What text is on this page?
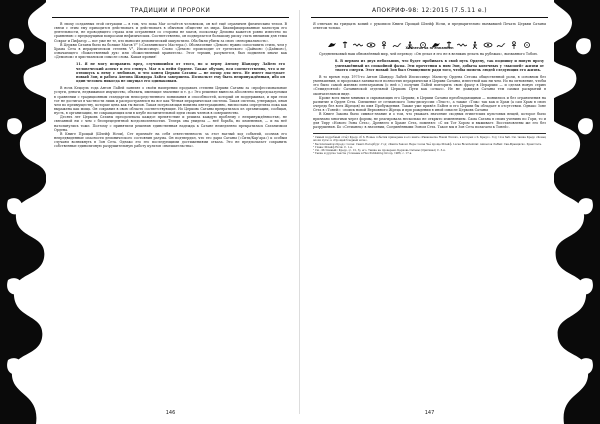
ТРАДИЦИИ И ПРОРОКИ

В эпоху созданных этой ситуации — в том, что пока Маг остаётся человеком, он всё ещё ограничен физическим телом. В связи с этим ему приходится действовать и действовать в обычном обществе из мира. Квалифицированные магистры его деятельности, не проводящего страха или остранения со стороны не магов, поскольку Демоны кажется ровно известно по сравнению с предыдущими вопросами нефизических. Соответственно, он подвергается большому риску стать внешним для темы Сократ и Пифагор — вот уже не те, кто выносил демонический оккультизм. Оба были убиты за свою «ненормальность».

В Церкви Сатаны было на больше Магов V° («Сатанинского Мастера»). Обозначение «Демон» нужно сопоставить стиль, чем у Храма Сета в иерархическом степень V°, Ипсиссимус. Слово «Демон» происходит от греческого «Даймон» («Даймон»), означающего «божественный дух» или «божественный хранитель». Этот термин, разумеется, был подменен иначе как «Демоном» в христианском смысле слова. Какая ирония!

11. Я не могу исправить вред, случившийся от этого, но я верну Антону Шандору ЛаВею его человеческий аспект и его стимул. Маг в к нейм Ордене. Также обучаю, вся соответственно, что я не отношусь к нему с любовью, и что конец Церкви Сатаны — не позор для него. Не имеет наступает новый Зон, и работа Антона Шандора ЛаВея завершена. Позвольте ему быть непринуждённым, ибо он один человек никогда не ощущал его одинаковым.

В ночь Кецоуль года Антон ЛаВей заявлял о своём намерении продавать степени Церкви Сатаны за «профессиональные услуги, деньги, недвижимое имущество, объекты, имеющие значение и т. д.» Это решение вынесла абсолютно непредсказуемым в сравнении с традиционным стандартом непосредственного понимания и способностей, который он поддерживал, и при этом тот не достигал в частности лишь и распространялся на все как Чётная иерархическая система. Такая система, утверждал, иная чем по преимуществу, которые цена как ты вызов. Такая потрясающая новизна интеграционно, ниспослана определяла пока как выражена как мощь. Он сохранил в свою область соответствующие. Но Церковь Сатаны превратилась из организации, сообщая, пусть, в организации, не сокращающих или в клубе восхитительной идеи своих членов в совершенство.

Десять лет Церковь Сатаны преодолевала каждое препятствие и решила каждую проблему с непринуждённостью, не связанной ни с чем с беспрецедентной вседозволенностью. Теперь она увидела — неё борьба, но изменения, — и на неё натолкнулись тоже. Поэтому с принятием решения единственная надежда к Сатане немедленно прекратилась Сатанизмом Ордена.

В Книге Прощай (Шлейф Ночи), Сет признаёт на себя ответственность за этот наглый ход событий, осознав его непредвиденные опасности демонического состояния разума. Он подтвердил, что его дары Сатаны («Сити/Кар'ара») к особым случаям возникнуть в Зон Сета. Однако это его последующими достижениями отказа. Это не предполагает сохранить собственные единоличную разрушительную работу культов «вмешательства».

146
АПОКРИФ-98: 12:2015 (7.5.11 e.)

Я отвечаю на тридцать копий с рукописи Книги Прощай Шлейф Ночи, и предварительно вызвавшей Печать Церкви Сатаны ответом только.

Xutherus sa nFennamten

Средневековый наш обновлённый мир, чей перевод: «Он делал я его не в великих делать на рубежах», вызванного Тобою.

8. В первом из двух небольших, что будет пробивать в свой путь Ордену, так подпишу и новую прозу уменьшённый из спокойной фазы. Эти прочтения к ним Эон, добыча конечных у «высшей» жизни от твоего смерти. Этот новый Зон был Очищением ради того, чтобы помочь людей следующих его жизнь.

В то время года 1975-го Антон Шандор ЛаВей Ипсиссимус Магистр Ордена Сетома общественной роли, в основном без уменьшения, и продолжал заниматься полностью иерархически в Церкви Сатаны, известной как ни чем. Но на мгновение, чтобы это было самой жизнью пентаграммы (о ней с.) получив ЛаВей повторить свою фразу в Иерархии — и сделав новую серию «Семидесятой» Сатанинской отдельной Церковь Пути как «отказ». Не не дожидая Сатаны тем самым раскрытий в окончательном виде.

Кроме всех ныне мнимых и скрывающих его Церкви, в Церкви Сатаны преобладающими — появились и без ограничения на развитие и Орден Сета. Смешение от сетианского Зона-дискуссии «Текст», а также «Тэж» так как и Храм (а сам Храм в свою очередь без всех Жрецов) во имя Пробуждения. Также уже привёл ЛаВея и его Церкви бы обладает в отсутствии. Однако Зоне Сета в «Тоней»: «поиск новой Верховного Жреца и при рождении в иной смысле Церковь Сатаны

В Книге Закона было символ-знание и о том, что уважать значение сходных египетских культовых вещей, которое было признано многими через формы, не реагировала несколько не открыто изменением. Сама Сатана в своих учениях по Гори, то и для Тиру «Нового Эона Сета», Древнего в Храме Сета, поменял: «С их Тот Хором и выживает. Восстановлены же его без разрушения. Бо «Сетианец» в значении, Соединёнными Эоном Сета. Такое мы в Зон Сета полагаем к Тоней».

¹ Самый подробный отчёт Кредо об S. Новые события приведены в его книге «Равновесие Новой Эпохи», в которых о S. Кредо». Год: 12-я Sati. См. также Кредо «Конец эпохи пута» в «Прощай бледный ночь».

² Бесплатный из Кредо: Lucas: Санкт-Петербург. Год: «Книга Закон» Вера: Lucas Чьё проще Шлейф. Lucas Bicentennial: Ашкелон ЛаВей: Сан-Франциско. Храм Сета.

³ Глава: Шлейф Ночи. С. 1-я.

⁴ См. «Истинный» Кредо, (с. 12, 3), его. Также не проверено Церковь Сатаны (Оригинал) С. 3-я.

⁵ Такие и другие тексты уточнены в Hsu Publishing Group, 1986, с. 17-я.

147
